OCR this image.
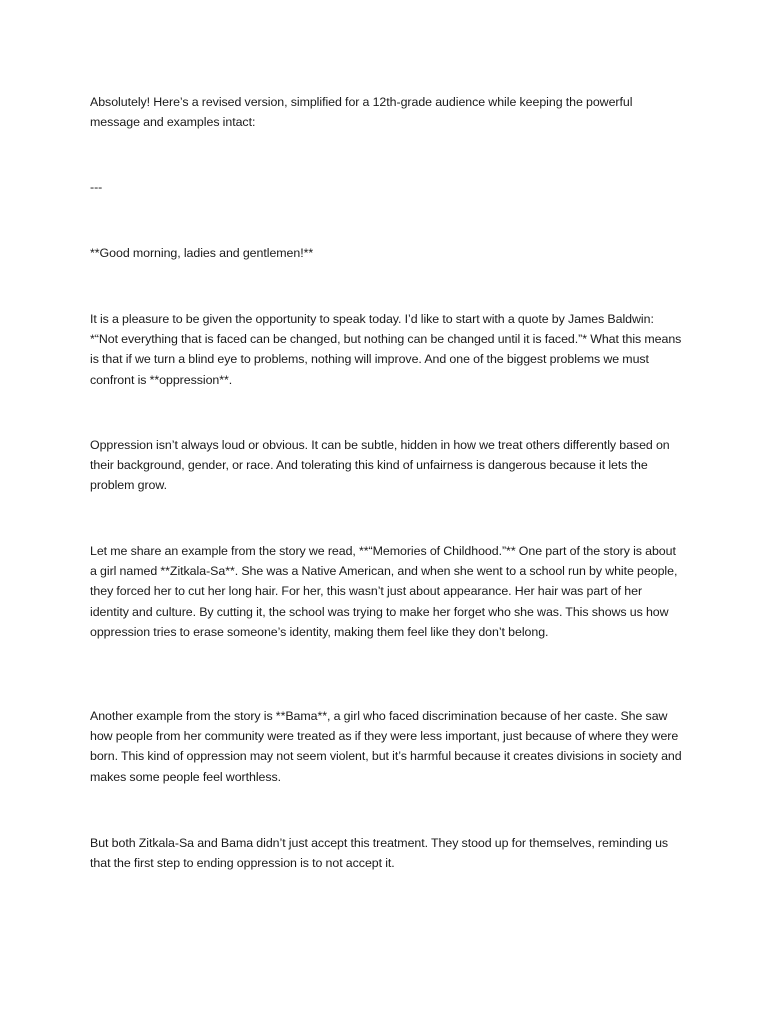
Absolutely! Here’s a revised version, simplified for a 12th-grade audience while keeping the powerful message and examples intact:

---

**Good morning, ladies and gentlemen!**

It is a pleasure to be given the opportunity to speak today. I’d like to start with a quote by James Baldwin: *“Not everything that is faced can be changed, but nothing can be changed until it is faced.”* What this means is that if we turn a blind eye to problems, nothing will improve. And one of the biggest problems we must confront is **oppression**.

Oppression isn’t always loud or obvious. It can be subtle, hidden in how we treat others differently based on their background, gender, or race. And tolerating this kind of unfairness is dangerous because it lets the problem grow.

Let me share an example from the story we read, **“Memories of Childhood.”** One part of the story is about a girl named **Zitkala-Sa**. She was a Native American, and when she went to a school run by white people, they forced her to cut her long hair. For her, this wasn’t just about appearance. Her hair was part of her identity and culture. By cutting it, the school was trying to make her forget who she was. This shows us how oppression tries to erase someone’s identity, making them feel like they don’t belong.

Another example from the story is **Bama**, a girl who faced discrimination because of her caste. She saw how people from her community were treated as if they were less important, just because of where they were born. This kind of oppression may not seem violent, but it’s harmful because it creates divisions in society and makes some people feel worthless.

But both Zitkala-Sa and Bama didn’t just accept this treatment. They stood up for themselves, reminding us that the first step to ending oppression is to not accept it.
